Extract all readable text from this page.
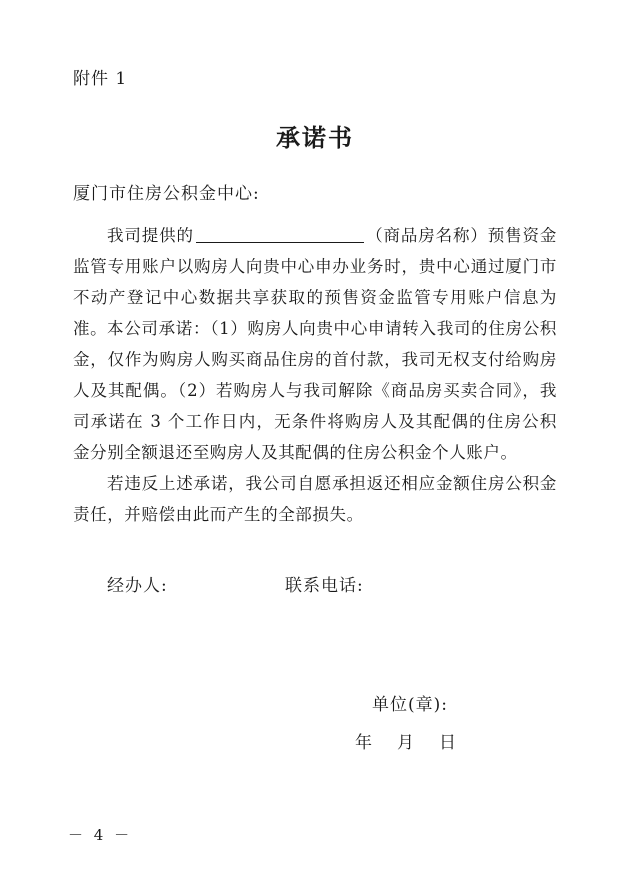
附件 1
承诺书
厦门市住房公积金中心:
我司提供的	（商品房名称）预售资金监管专用账户以购房人向贵中心申办业务时，贵中心通过厦门市不动产登记中心数据共享获取的预售资金监管专用账户信息为准。 本公司承诺：（1）购房人向贵中心申请转入我司的住房公积金，仅作为购房人购买商品住房的首付款，我司无权支付给购房人及其配偶。（2）若购房人与我司解除《商品房买卖合同》，我司承诺在 3 个工作日内，无条件将购房人及其配偶的住房公积金分别全额退还至购房人及其配偶的住房公积金个人账户。
若违反上述承诺，我公司自愿承担返还相应金额住房公积金责任，并赔偿由此而产生的全部损失。
经办人:	联系电话:
单位(章):
年	月	日
－ 4 －
